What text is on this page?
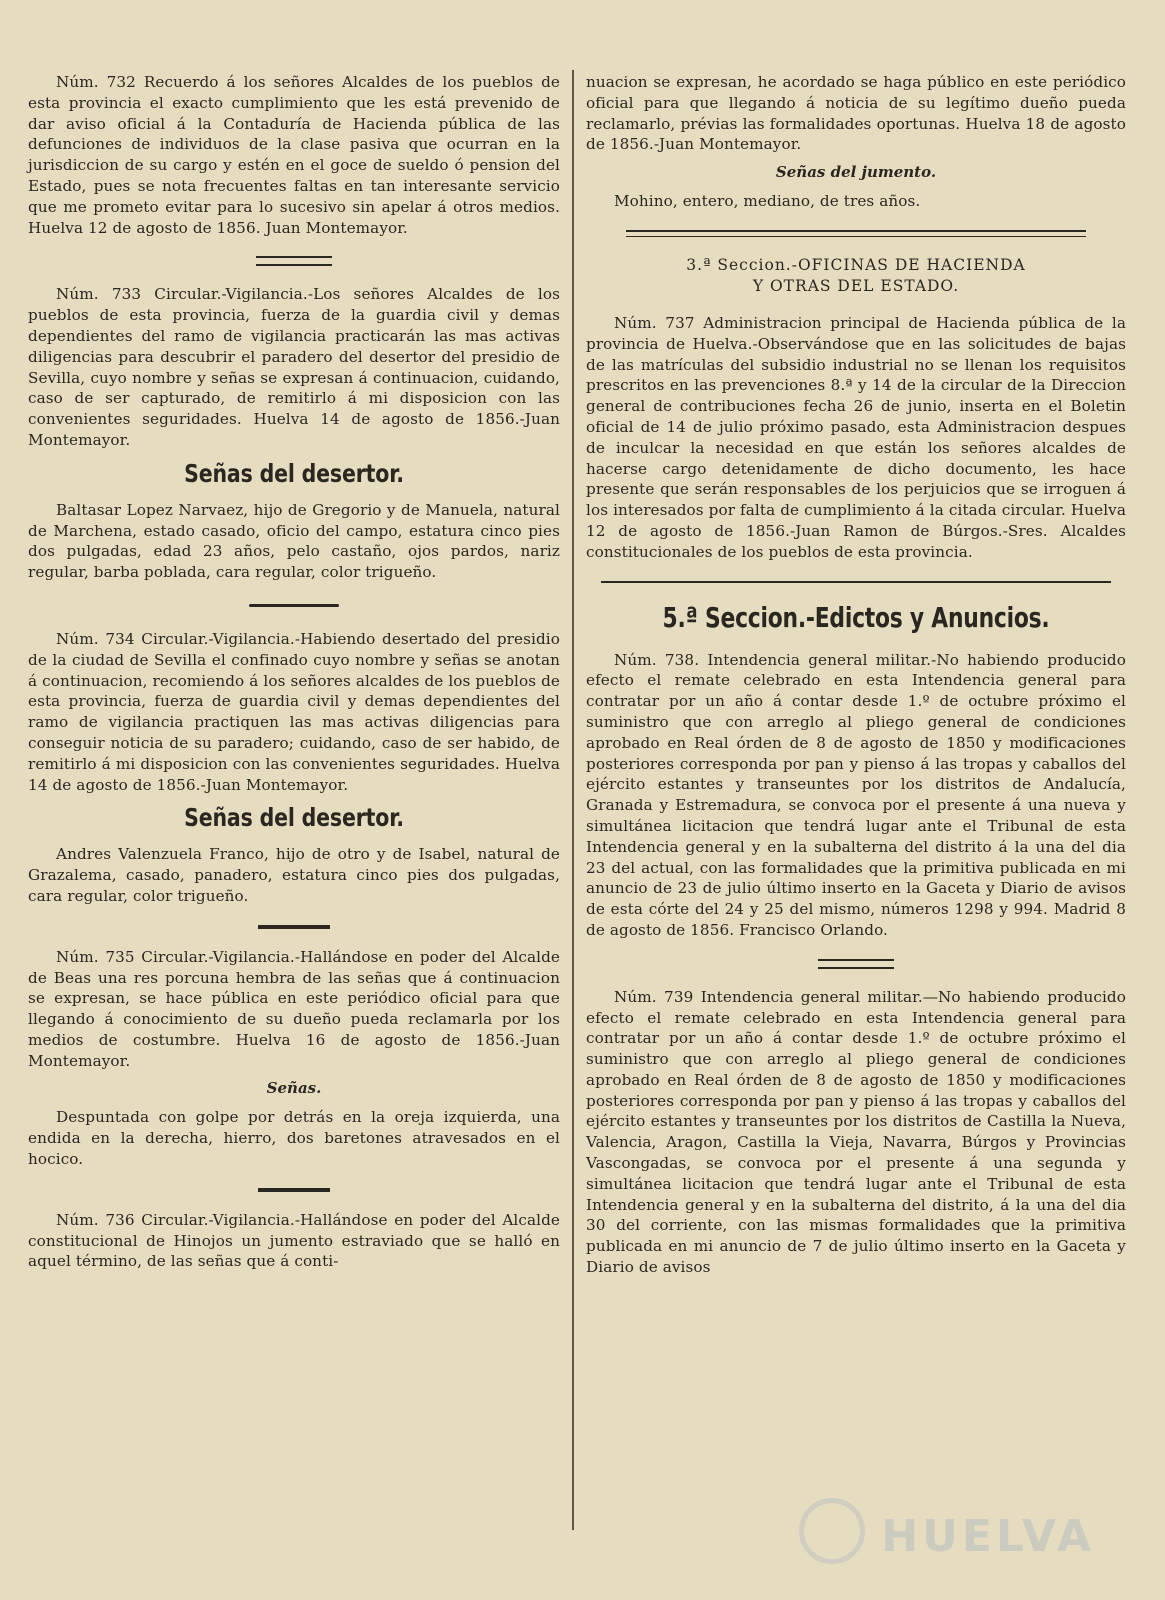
Núm. 732 Recuerdo á los señores Alcaldes de los pueblos de esta provincia el exacto cumplimiento que les está prevenido de dar aviso oficial á la Contaduría de Hacienda pública de las defunciones de individuos de la clase pasiva que ocurran en la jurisdiccion de su cargo y estén en el goce de sueldo ó pension del Estado, pues se nota frecuentes faltas en tan interesante servicio que me prometo evitar para lo sucesivo sin apelar á otros medios. Huelva 12 de agosto de 1856. Juan Montemayor.

Núm. 733 Circular.-Vigilancia.-Los señores Alcaldes de los pueblos de esta provincia, fuerza de la guardia civil y demas dependientes del ramo de vigilancia practicarán las mas activas diligencias para descubrir el paradero del desertor del presidio de Sevilla, cuyo nombre y señas se expresan á continuacion, cuidando, caso de ser capturado, de remitirlo á mi disposicion con las convenientes seguridades. Huelva 14 de agosto de 1856.-Juan Montemayor.

Señas del desertor.

Baltasar Lopez Narvaez, hijo de Gregorio y de Manuela, natural de Marchena, estado casado, oficio del campo, estatura cinco pies dos pulgadas, edad 23 años, pelo castaño, ojos pardos, nariz regular, barba poblada, cara regular, color trigueño.

Núm. 734 Circular.-Vigilancia.-Habiendo desertado del presidio de la ciudad de Sevilla el confinado cuyo nombre y señas se anotan á continuacion, recomiendo á los señores alcaldes de los pueblos de esta provincia, fuerza de guardia civil y demas dependientes del ramo de vigilancia practiquen las mas activas diligencias para conseguir noticia de su paradero; cuidando, caso de ser habido, de remitirlo á mi disposicion con las convenientes seguridades. Huelva 14 de agosto de 1856.-Juan Montemayor.

Señas del desertor.

Andres Valenzuela Franco, hijo de otro y de Isabel, natural de Grazalema, casado, panadero, estatura cinco pies dos pulgadas, cara regular, color trigueño.

Núm. 735 Circular.-Vigilancia.-Hallándose en poder del Alcalde de Beas una res porcuna hembra de las señas que á continuacion se expresan, se hace pública en este periódico oficial para que llegando á conocimiento de su dueño pueda reclamarla por los medios de costumbre. Huelva 16 de agosto de 1856.-Juan Montemayor.

Señas.

Despuntada con golpe por detrás en la oreja izquierda, una endida en la derecha, hierro, dos baretones atravesados en el hocico.

Núm. 736 Circular.-Vigilancia.-Hallándose en poder del Alcalde constitucional de Hinojos un jumento estraviado que se halló en aquel término, de las señas que á conti-

nuacion se expresan, he acordado se haga público en este periódico oficial para que llegando á noticia de su legítimo dueño pueda reclamarlo, prévias las formalidades oportunas. Huelva 18 de agosto de 1856.-Juan Montemayor.

Señas del jumento.

Mohino, entero, mediano, de tres años.

3.ª Seccion.-OFICINAS DE HACIENDA
Y OTRAS DEL ESTADO.

Núm. 737 Administracion principal de Hacienda pública de la provincia de Huelva.-Observándose que en las solicitudes de bajas de las matrículas del subsidio industrial no se llenan los requisitos prescritos en las prevenciones 8.ª y 14 de la circular de la Direccion general de contribuciones fecha 26 de junio, inserta en el Boletin oficial de 14 de julio próximo pasado, esta Administracion despues de inculcar la necesidad en que están los señores alcaldes de hacerse cargo detenidamente de dicho documento, les hace presente que serán responsables de los perjuicios que se irroguen á los interesados por falta de cumplimiento á la citada circular. Huelva 12 de agosto de 1856.-Juan Ramon de Búrgos.-Sres. Alcaldes constitucionales de los pueblos de esta provincia.

5.ª Seccion.-Edictos y Anuncios.

Núm. 738. Intendencia general militar.-No habiendo producido efecto el remate celebrado en esta Intendencia general para contratar por un año á contar desde 1.º de octubre próximo el suministro que con arreglo al pliego general de condiciones aprobado en Real órden de 8 de agosto de 1850 y modificaciones posteriores corresponda por pan y pienso á las tropas y caballos del ejército estantes y transeuntes por los distritos de Andalucía, Granada y Estremadura, se convoca por el presente á una nueva y simultánea licitacion que tendrá lugar ante el Tribunal de esta Intendencia general y en la subalterna del distrito á la una del dia 23 del actual, con las formalidades que la primitiva publicada en mi anuncio de 23 de julio último inserto en la Gaceta y Diario de avisos de esta córte del 24 y 25 del mismo, números 1298 y 994. Madrid 8 de agosto de 1856. Francisco Orlando.

Núm. 739 Intendencia general militar.—No habiendo producido efecto el remate celebrado en esta Intendencia general para contratar por un año á contar desde 1.º de octubre próximo el suministro que con arreglo al pliego general de condiciones aprobado en Real órden de 8 de agosto de 1850 y modificaciones posteriores corresponda por pan y pienso á las tropas y caballos del ejército estantes y transeuntes por los distritos de Castilla la Nueva, Valencia, Aragon, Castilla la Vieja, Navarra, Búrgos y Provincias Vascongadas, se convoca por el presente á una segunda y simultánea licitacion que tendrá lugar ante el Tribunal de esta Intendencia general y en la subalterna del distrito, á la una del dia 30 del corriente, con las mismas formalidades que la primitiva publicada en mi anuncio de 7 de julio último inserto en la Gaceta y Diario de avisos

HUELVA
